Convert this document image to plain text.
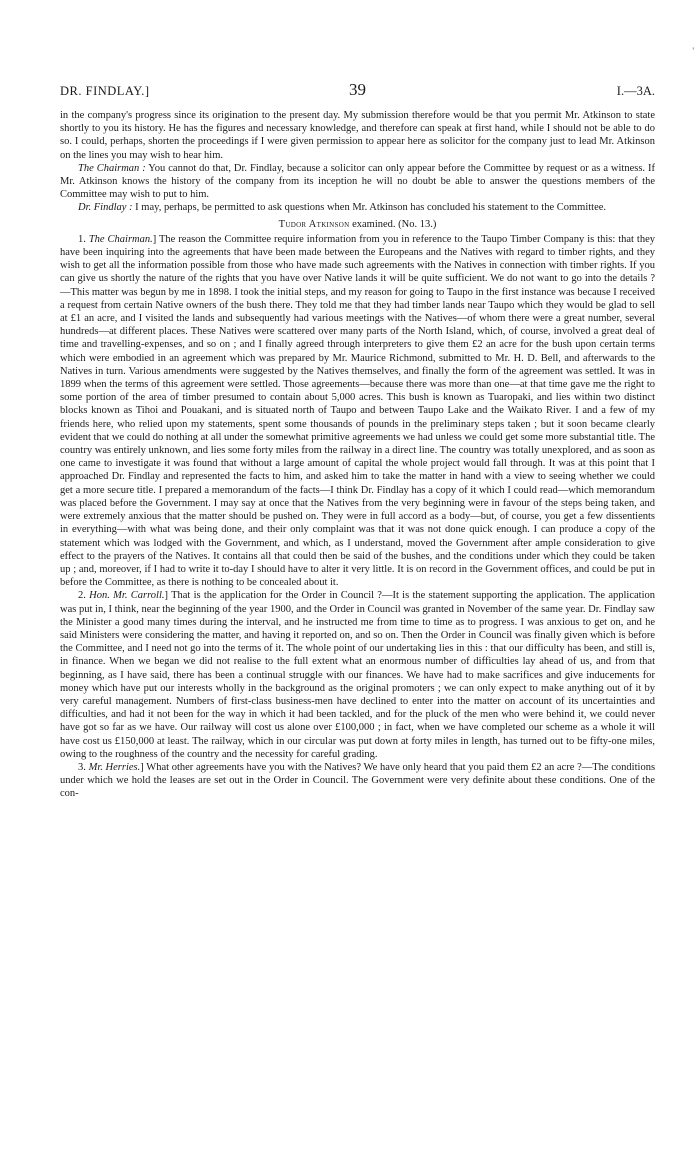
'
DR. FINDLAY.]	39	I.—3A.

in the company's progress since its origination to the present day. My submission therefore would be that you permit Mr. Atkinson to state shortly to you its history. He has the figures and necessary knowledge, and therefore can speak at first hand, while I should not be able to do so. I could, perhaps, shorten the proceedings if I were given permission to appear here as solicitor for the company just to lead Mr. Atkinson on the lines you may wish to hear him.

The Chairman : You cannot do that, Dr. Findlay, because a solicitor can only appear before the Committee by request or as a witness. If Mr. Atkinson knows the history of the company from its inception he will no doubt be able to answer the questions members of the Committee may wish to put to him.

Dr. Findlay : I may, perhaps, be permitted to ask questions when Mr. Atkinson has concluded his statement to the Committee.

Tudor Atkinson examined. (No. 13.)

1. The Chairman.] The reason the Committee require information from you in reference to the Taupo Timber Company is this: that they have been inquiring into the agreements that have been made between the Europeans and the Natives with regard to timber rights, and they wish to get all the information possible from those who have made such agreements with the Natives in connection with timber rights. If you can give us shortly the nature of the rights that you have over Native lands it will be quite sufficient. We do not want to go into the details ?—This matter was begun by me in 1898. I took the initial steps, and my reason for going to Taupo in the first instance was because I received a request from certain Native owners of the bush there. They told me that they had timber lands near Taupo which they would be glad to sell at £1 an acre, and I visited the lands and subsequently had various meetings with the Natives—of whom there were a great number, several hundreds—at different places. These Natives were scattered over many parts of the North Island, which, of course, involved a great deal of time and travelling-expenses, and so on ; and I finally agreed through interpreters to give them £2 an acre for the bush upon certain terms which were embodied in an agreement which was prepared by Mr. Maurice Richmond, submitted to Mr. H. D. Bell, and afterwards to the Natives in turn. Various amendments were suggested by the Natives themselves, and finally the form of the agreement was settled. It was in 1899 when the terms of this agreement were settled. Those agreements—because there was more than one—at that time gave me the right to some portion of the area of timber presumed to contain about 5,000 acres. This bush is known as Tuaropaki, and lies within two distinct blocks known as Tihoi and Pouakani, and is situated north of Taupo and between Taupo Lake and the Waikato River. I and a few of my friends here, who relied upon my statements, spent some thousands of pounds in the preliminary steps taken ; but it soon became clearly evident that we could do nothing at all under the somewhat primitive agreements we had unless we could get some more substantial title. The country was entirely unknown, and lies some forty miles from the railway in a direct line. The country was totally unexplored, and as soon as one came to investigate it was found that without a large amount of capital the whole project would fall through. It was at this point that I approached Dr. Findlay and represented the facts to him, and asked him to take the matter in hand with a view to seeing whether we could get a more secure title. I prepared a memorandum of the facts—I think Dr. Findlay has a copy of it which I could read—which memorandum was placed before the Government. I may say at once that the Natives from the very beginning were in favour of the steps being taken, and were extremely anxious that the matter should be pushed on. They were in full accord as a body—but, of course, you get a few dissentients in everything—with what was being done, and their only complaint was that it was not done quick enough. I can produce a copy of the statement which was lodged with the Government, and which, as I understand, moved the Government after ample consideration to give effect to the prayers of the Natives. It contains all that could then be said of the bushes, and the conditions under which they could be taken up ; and, moreover, if I had to write it to-day I should have to alter it very little. It is on record in the Government offices, and could be put in before the Committee, as there is nothing to be concealed about it.

2. Hon. Mr. Carroll.] That is the application for the Order in Council ?—It is the statement supporting the application. The application was put in, I think, near the beginning of the year 1900, and the Order in Council was granted in November of the same year. Dr. Findlay saw the Minister a good many times during the interval, and he instructed me from time to time as to progress. I was anxious to get on, and he said Ministers were considering the matter, and having it reported on, and so on. Then the Order in Council was finally given which is before the Committee, and I need not go into the terms of it. The whole point of our undertaking lies in this : that our difficulty has been, and still is, in finance. When we began we did not realise to the full extent what an enormous number of difficulties lay ahead of us, and from that beginning, as I have said, there has been a continual struggle with our finances. We have had to make sacrifices and give inducements for money which have put our interests wholly in the background as the original promoters ; we can only expect to make anything out of it by very careful management. Numbers of first-class business-men have declined to enter into the matter on account of its uncertainties and difficulties, and had it not been for the way in which it had been tackled, and for the pluck of the men who were behind it, we could never have got so far as we have. Our railway will cost us alone over £100,000 ; in fact, when we have completed our scheme as a whole it will have cost us £150,000 at least. The railway, which in our circular was put down at forty miles in length, has turned out to be fifty-one miles, owing to the roughness of the country and the necessity for careful grading.

3. Mr. Herries.] What other agreements have you with the Natives? We have only heard that you paid them £2 an acre ?—The conditions under which we hold the leases are set out in the Order in Council. The Government were very definite about these conditions. One of the con-
